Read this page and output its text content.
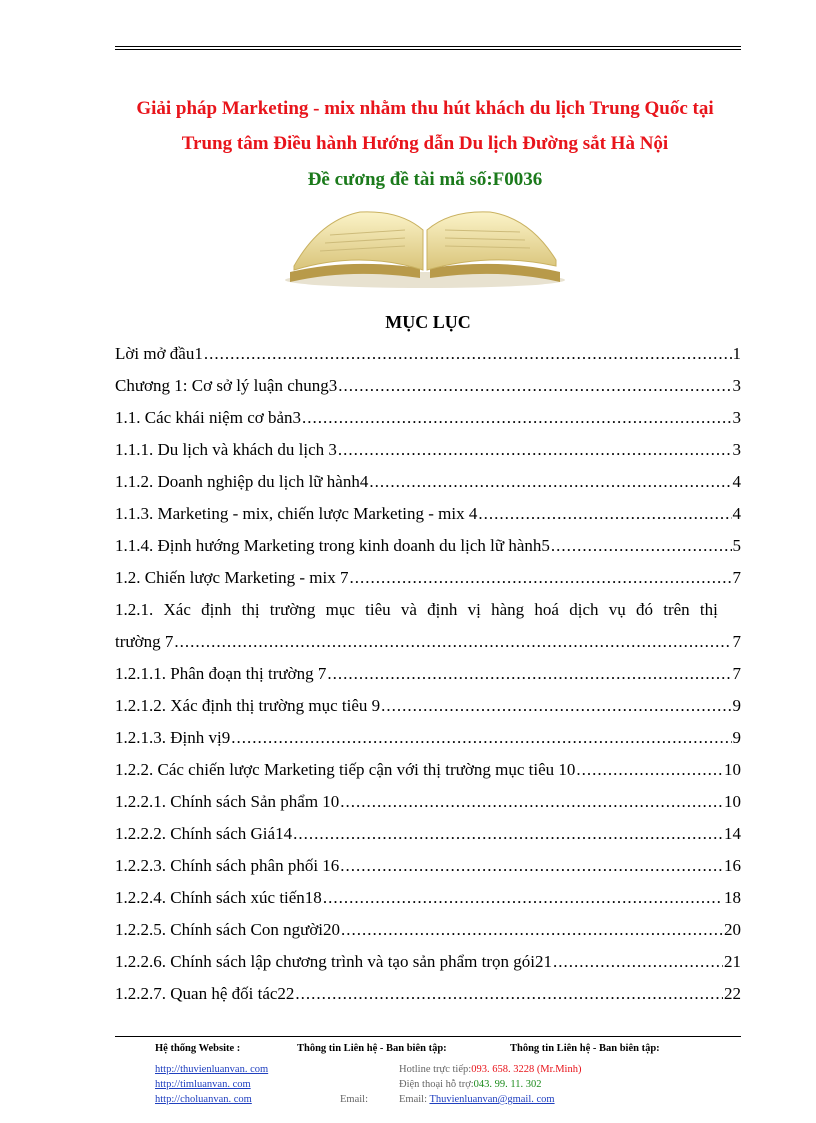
Giải pháp Marketing - mix nhằm thu hút khách du lịch Trung Quốc tại
Trung tâm Điều hành Hướng dẫn Du lịch Đường sắt Hà Nội
Đề cương đề tài mã số:F0036
MỤC LỤC
Lời mở đầu1 .....	1
Chương 1: Cơ sở lý luận chung3 .....	3
1.1. Các khái niệm cơ bản3 .....	3
1.1.1. Du lịch và khách du lịch 3 .....	3
1.1.2. Doanh nghiệp du lịch lữ hành4 .....	4
1.1.3. Marketing - mix, chiến lược Marketing - mix 4 .....	4
1.1.4. Định hướng Marketing trong kinh doanh du lịch lữ hành5 .....	5
1.2. Chiến lược Marketing - mix 7 .....	7
1.2.1. Xác định thị trường mục tiêu và định vị hàng hoá dịch vụ đó trên thị
trường 7 .....	7
1.2.1.1. Phân đoạn thị trường 7 .....	7
1.2.1.2. Xác định thị trường mục tiêu 9 .....	9
1.2.1.3. Định vị9 .....	9
1.2.2. Các chiến lược Marketing tiếp cận với thị trường mục tiêu 10 .....	10
1.2.2.1. Chính sách Sản phẩm 10 .....	10
1.2.2.2. Chính sách Giá14 .....	14
1.2.2.3. Chính sách phân phối 16 .....	16
1.2.2.4. Chính sách xúc tiến18 .....	18
1.2.2.5. Chính sách Con người20 .....	20
1.2.2.6. Chính sách lập chương trình và tạo sản phẩm trọn gói21 .....	21
1.2.2.7. Quan hệ đối tác22 .....	22
Hệ thống Website :	Thông tin Liên hệ - Ban biên tập:	Thông tin Liên hệ - Ban biên tập:
http://thuvienluanvan. com
http://timluanvan. com
http://choluanvan. com
Hotline trực tiếp:093. 658. 3228 (Mr.Minh)
Điện thoại hỗ trợ:043. 99. 11. 302
Email:	Email: Thuvienluanvan@gmail. com
